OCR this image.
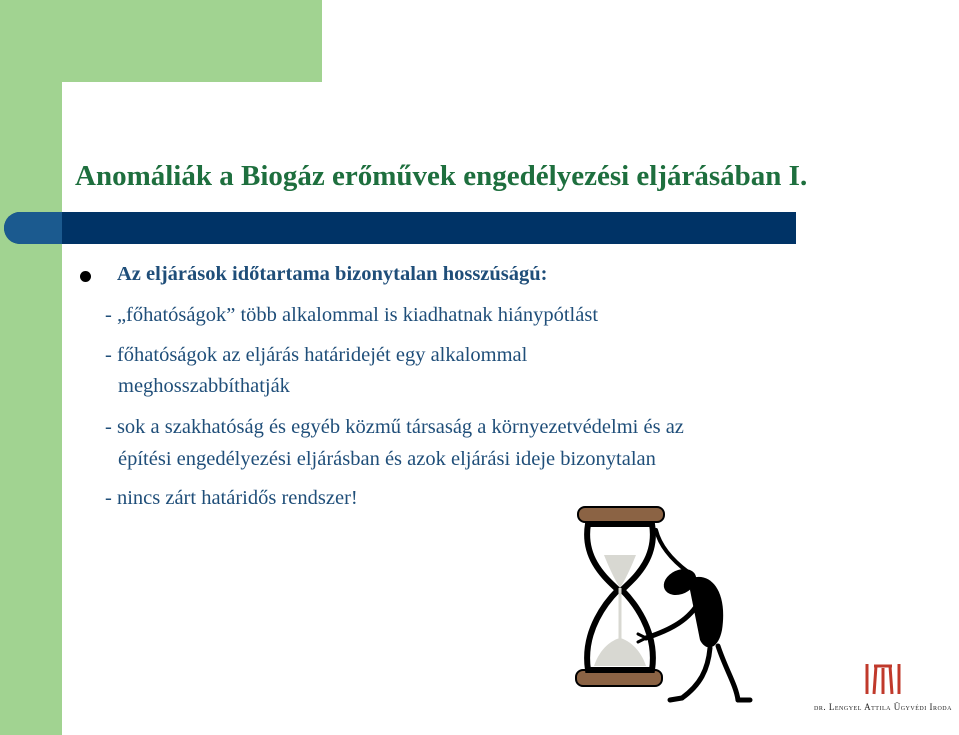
Anomáliák a Biogáz erőművek engedélyezési eljárásában I.
Az eljárások időtartama bizonytalan hosszúságú:
- „főhatóságok” több alkalommal is kiadhatnak hiánypótlást
- főhatóságok az eljárás határidejét egy alkalommal
meghosszabbíthatják
- sok a szakhatóság és egyéb közmű társaság a környezetvédelmi és az
építési engedélyezési eljárásban és azok eljárási ideje bizonytalan
- nincs zárt határidős rendszer!
dr. Lengyel Attila Ügyvédi Iroda
